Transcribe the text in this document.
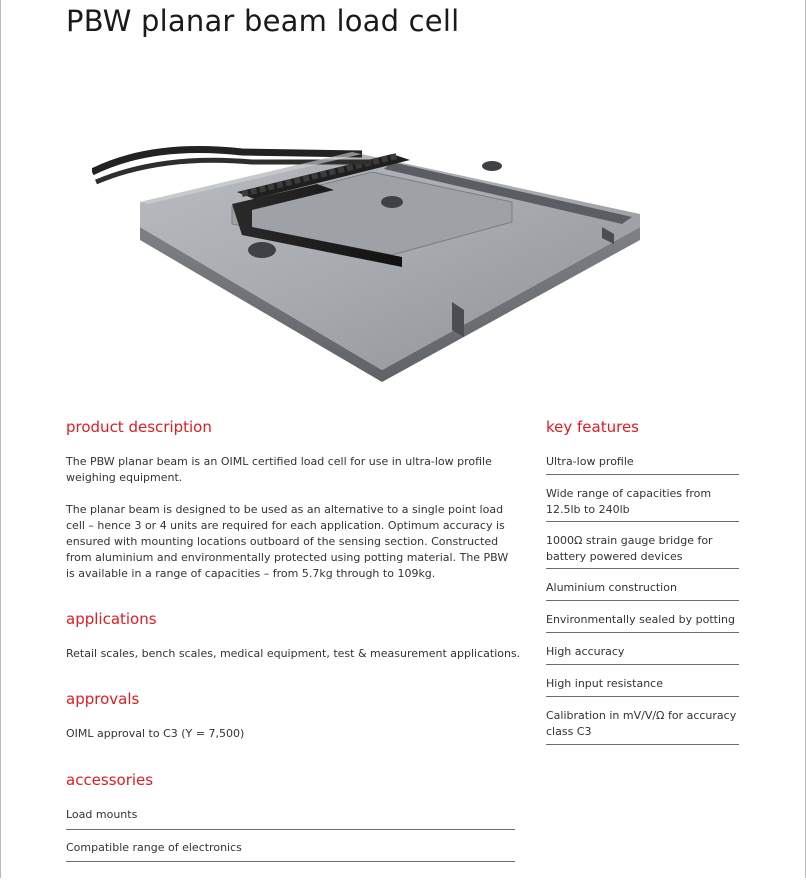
PBW planar beam load cell
product description

The PBW planar beam is an OIML certified load cell for use in ultra-low profile weighing equipment.

The planar beam is designed to be used as an alternative to a single point load cell – hence 3 or 4 units are required for each application. Optimum accuracy is ensured with mounting locations outboard of the sensing section. Constructed from aluminium and environmentally protected using potting material. The PBW is available in a range of capacities – from 5.7kg through to 109kg.

applications

Retail scales, bench scales, medical equipment, test & measurement applications.

approvals

OIML approval to C3 (Y = 7,500)

accessories
Load mounts
Compatible range of electronics
key features
Ultra-low profile
Wide range of capacities from 12.5lb to 240lb
1000Ω strain gauge bridge for battery powered devices
Aluminium construction
Environmentally sealed by potting
High accuracy
High input resistance
Calibration in mV/V/Ω for accuracy class C3
